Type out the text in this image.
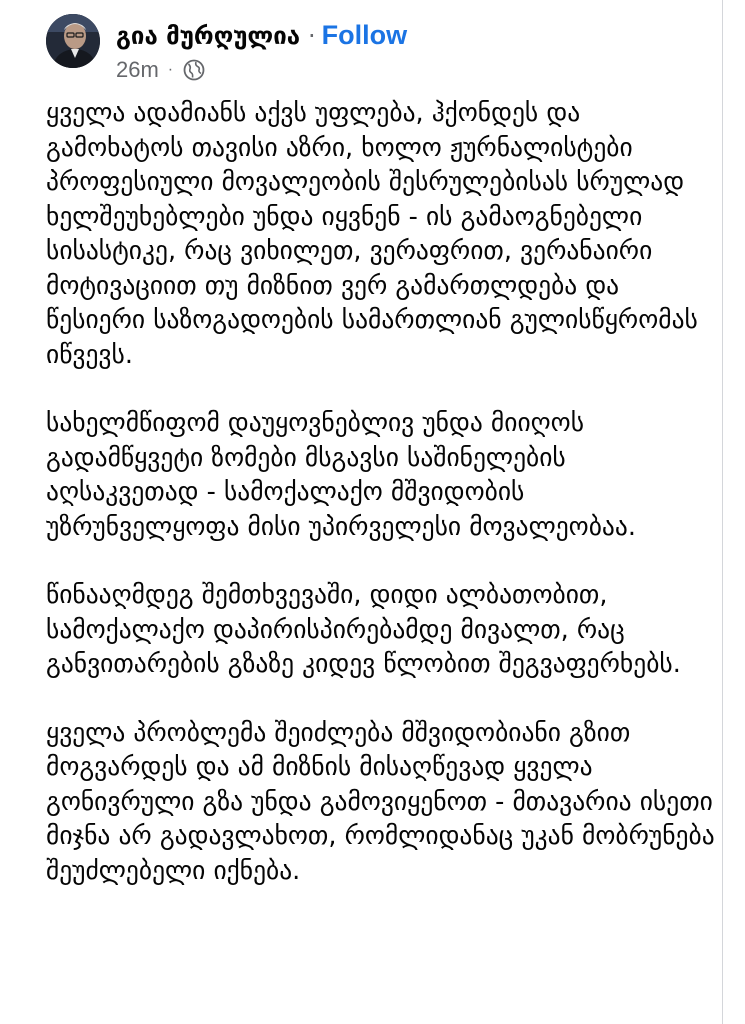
გია მურღულია · Follow
26m ·

ყველა ადამიანს აქვს უფლება, ჰქონდეს და გამოხატოს თავისი აზრი, ხოლო ჟურნალისტები პროფესიული მოვალეობის შესრულებისას სრულად ხელშეუხებლები უნდა იყვნენ - ის გამაოგნებელი სისასტიკე, რაც ვიხილეთ, ვერაფრით, ვერანაირი მოტივაციით თუ მიზნით ვერ გამართლდება და წესიერი საზოგადოების სამართლიან გულისწყრომას იწვევს.

სახელმწიფომ დაუყოვნებლივ უნდა მიიღოს გადამწყვეტი ზომები მსგავსი საშინელების აღსაკვეთად - სამოქალაქო მშვიდობის უზრუნველყოფა მისი უპირველესი მოვალეობაა.

წინააღმდეგ შემთხვევაში, დიდი ალბათობით, სამოქალაქო დაპირისპირებამდე მივალთ, რაც განვითარების გზაზე კიდევ წლობით შეგვაფერხებს.

ყველა პრობლემა შეიძლება მშვიდობიანი გზით მოგვარდეს და ამ მიზნის მისაღწევად ყველა გონივრული გზა უნდა გამოვიყენოთ - მთავარია ისეთი მიჯნა არ გადავლახოთ, რომლიდანაც უკან მობრუნება შეუძლებელი იქნება.
